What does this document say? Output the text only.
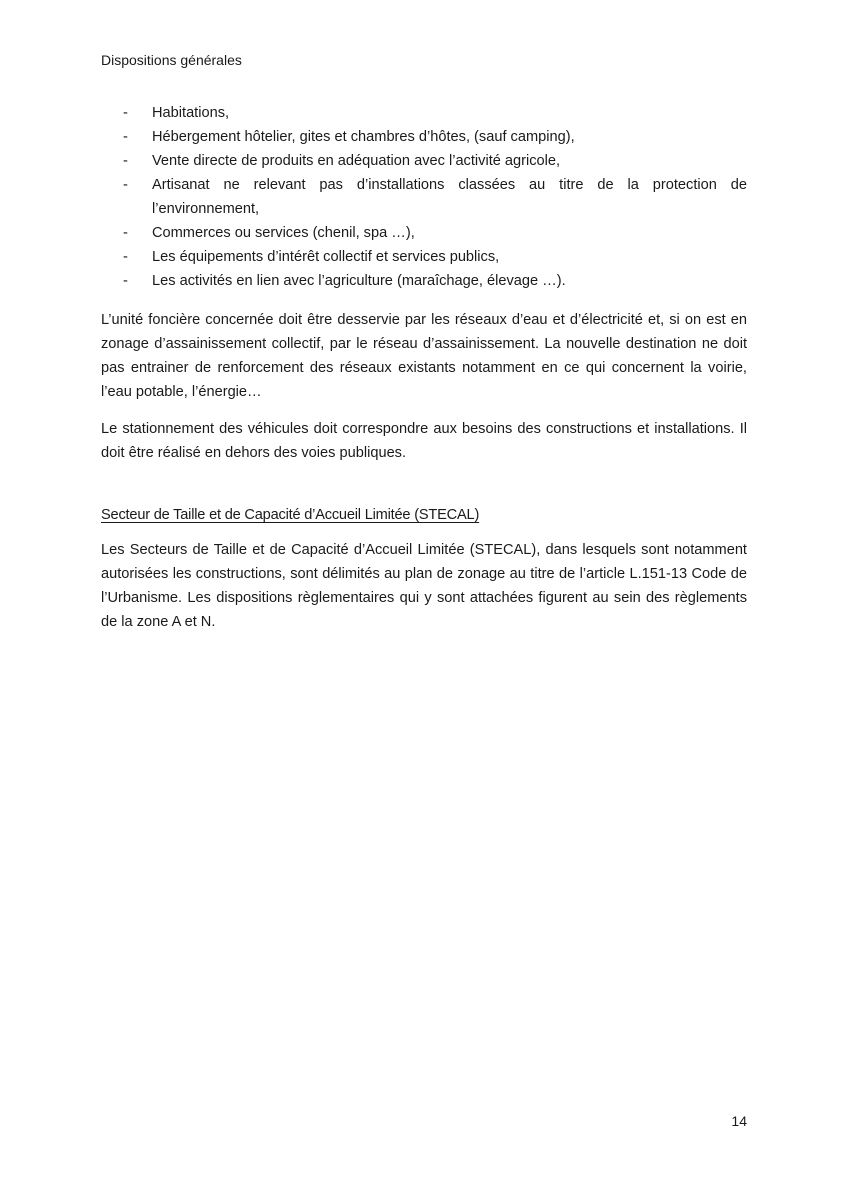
Dispositions générales
- Habitations,
- Hébergement hôtelier, gites et chambres d’hôtes, (sauf camping),
- Vente directe de produits en adéquation avec l’activité agricole,
- Artisanat ne relevant pas d’installations classées au titre de la protection de l’environnement,
- Commerces ou services (chenil, spa …),
- Les équipements d’intérêt collectif et services publics,
- Les activités en lien avec l’agriculture (maraîchage, élevage …).

L’unité foncière concernée doit être desservie par les réseaux d’eau et d’électricité et, si on est en zonage d’assainissement collectif, par le réseau d’assainissement. La nouvelle destination ne doit pas entrainer de renforcement des réseaux existants notamment en ce qui concernent la voirie, l’eau potable, l’énergie…

Le stationnement des véhicules doit correspondre aux besoins des constructions et installations. Il doit être réalisé en dehors des voies publiques.

Secteur de Taille et de Capacité d’Accueil Limitée (STECAL)

Les Secteurs de Taille et de Capacité d’Accueil Limitée (STECAL), dans lesquels sont notamment autorisées les constructions, sont délimités au plan de zonage au titre de l’article L.151-13 Code de l’Urbanisme. Les dispositions règlementaires qui y sont attachées figurent au sein des règlements de la zone A et N.

14
